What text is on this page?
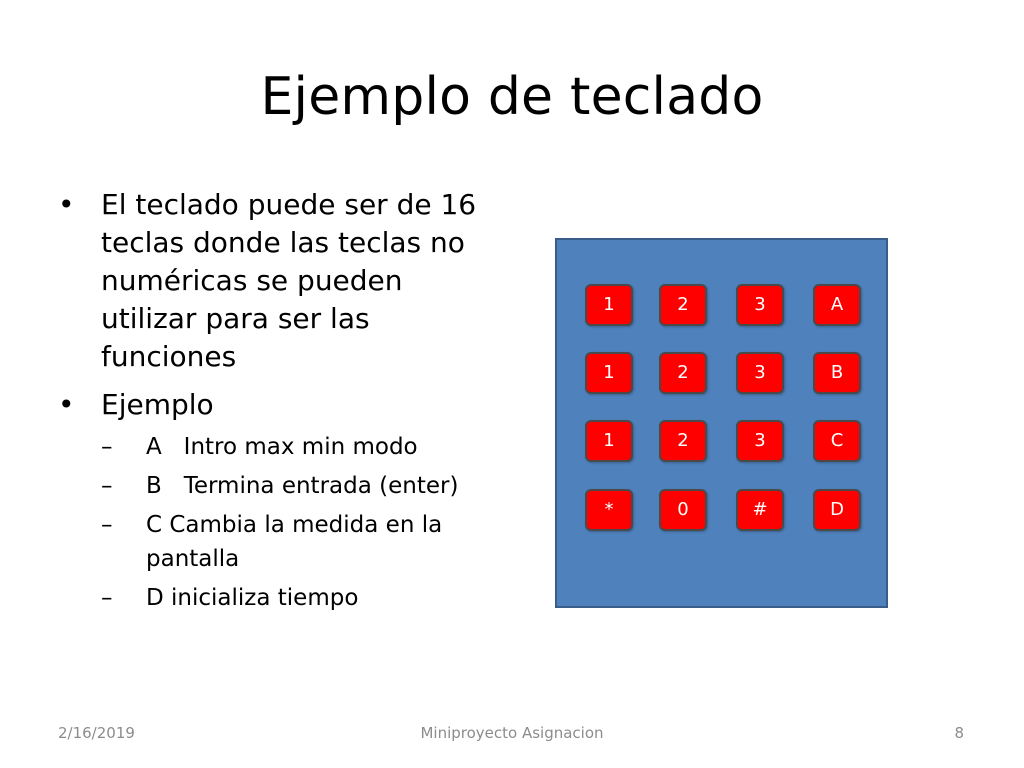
Ejemplo de teclado
• El teclado puede ser de 16 teclas donde las teclas no numéricas se pueden utilizar para ser las funciones
• Ejemplo
–	A   Intro max min modo
–	B   Termina entrada (enter)
–	C Cambia la medida en la pantalla
–	D inicializa tiempo
1	2	3	A
1	2	3	B
1	2	3	C
*	0	#	D
2/16/2019	Miniproyecto Asignacion	8
